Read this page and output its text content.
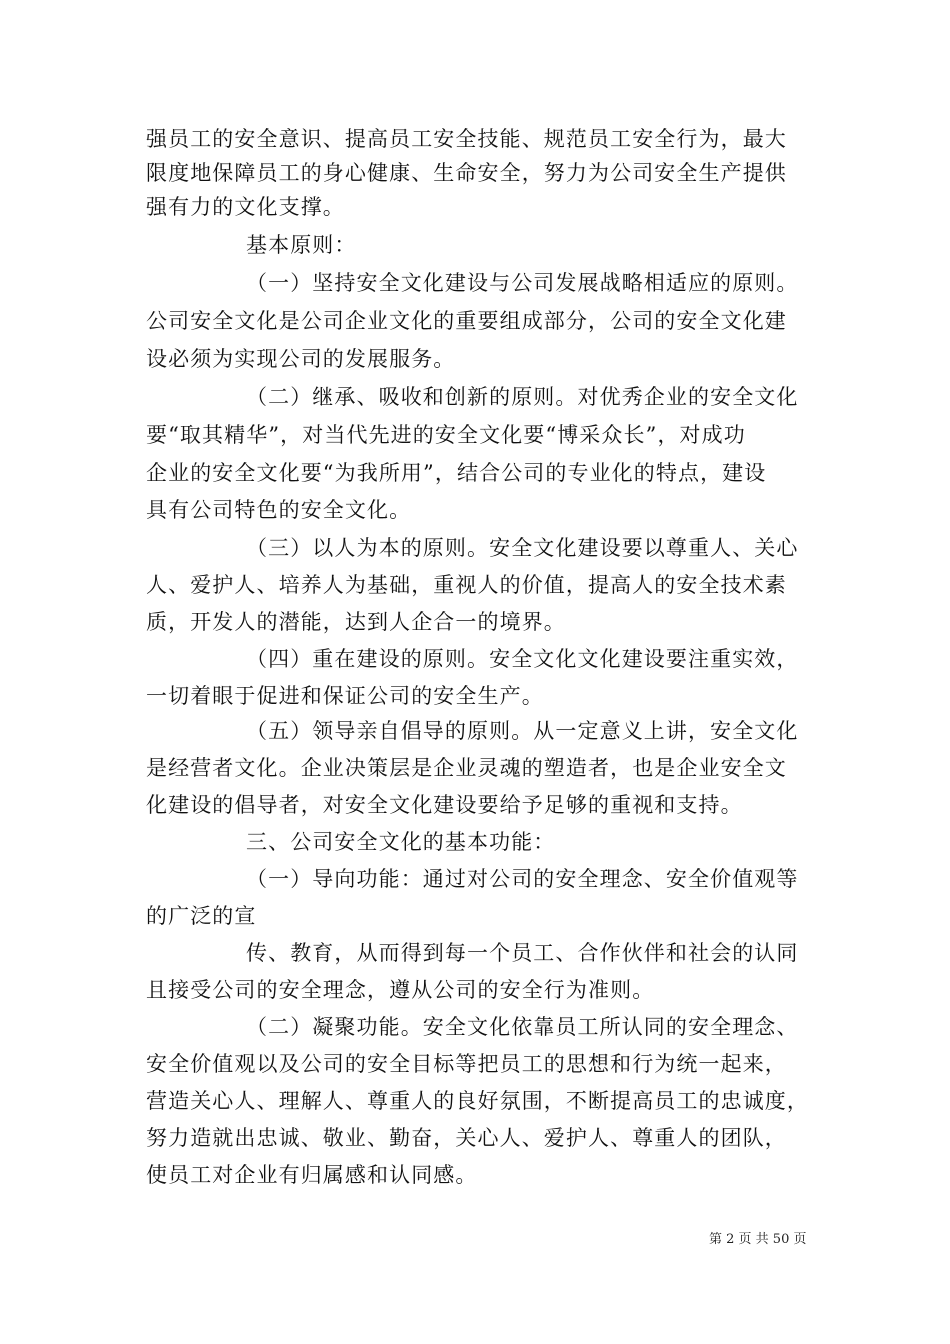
强员工的安全意识、提高员工安全技能、规范员工安全行为，最大
限度地保障员工的身心健康、生命安全，努力为公司安全生产提供
强有力的文化支撑。
基本原则：
（一）坚持安全文化建设与公司发展战略相适应的原则。
公司安全文化是公司企业文化的重要组成部分，公司的安全文化建
设必须为实现公司的发展服务。
（二）继承、吸收和创新的原则。对优秀企业的安全文化
要“取其精华”，对当代先进的安全文化要“博采众长”，对成功
企业的安全文化要“为我所用”，结合公司的专业化的特点，建设
具有公司特色的安全文化。
（三）以人为本的原则。安全文化建设要以尊重人、关心
人、爱护人、培养人为基础，重视人的价值，提高人的安全技术素
质，开发人的潜能，达到人企合一的境界。
（四）重在建设的原则。安全文化文化建设要注重实效，
一切着眼于促进和保证公司的安全生产。
（五）领导亲自倡导的原则。从一定意义上讲，安全文化
是经营者文化。企业决策层是企业灵魂的塑造者，也是企业安全文
化建设的倡导者，对安全文化建设要给予足够的重视和支持。
三、公司安全文化的基本功能：
（一）导向功能：通过对公司的安全理念、安全价值观等
的广泛的宣
传、教育，从而得到每一个员工、合作伙伴和社会的认同
且接受公司的安全理念，遵从公司的安全行为准则。
（二）凝聚功能。安全文化依靠员工所认同的安全理念、
安全价值观以及公司的安全目标等把员工的思想和行为统一起来，
营造关心人、理解人、尊重人的良好氛围，不断提高员工的忠诚度，
努力造就出忠诚、敬业、勤奋，关心人、爱护人、尊重人的团队，
使员工对企业有归属感和认同感。
第 2 页 共 50 页
